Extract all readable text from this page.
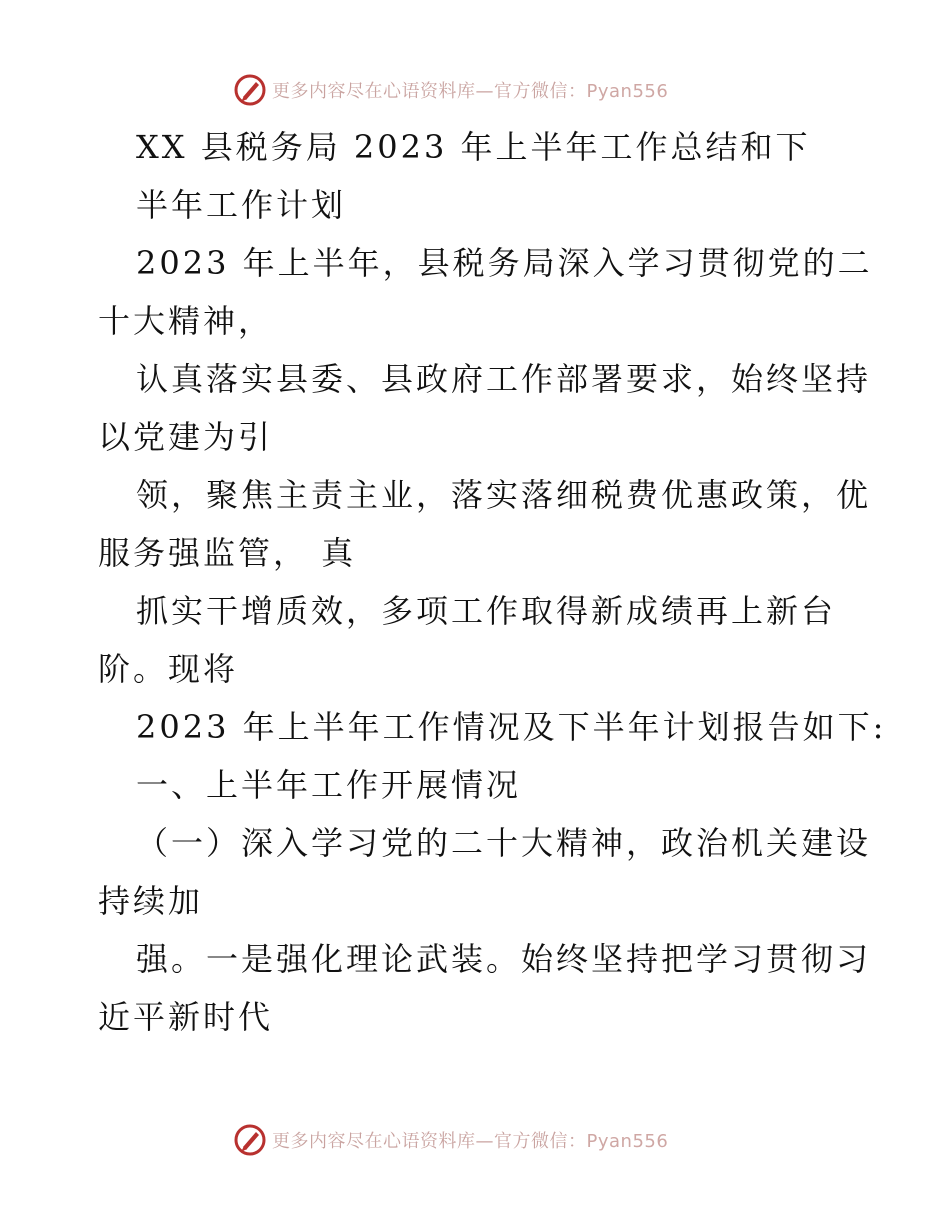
更多内容尽在心语资料库—官方微信：Pyan556
XX 县税务局 2023 年上半年工作总结和下
半年工作计划
2023 年上半年，县税务局深入学习贯彻党的二
十大精神，
认真落实县委、县政府工作部署要求，始终坚持
以党建为引
领，聚焦主责主业，落实落细税费优惠政策，优
服务强监管， 真
抓实干增质效，多项工作取得新成绩再上新台
阶。现将
2023 年上半年工作情况及下半年计划报告如下:
一、上半年工作开展情况
（一）深入学习党的二十大精神，政治机关建设
持续加
强。一是强化理论武装。始终坚持把学习贯彻习
近平新时代
更多内容尽在心语资料库—官方微信：Pyan556
